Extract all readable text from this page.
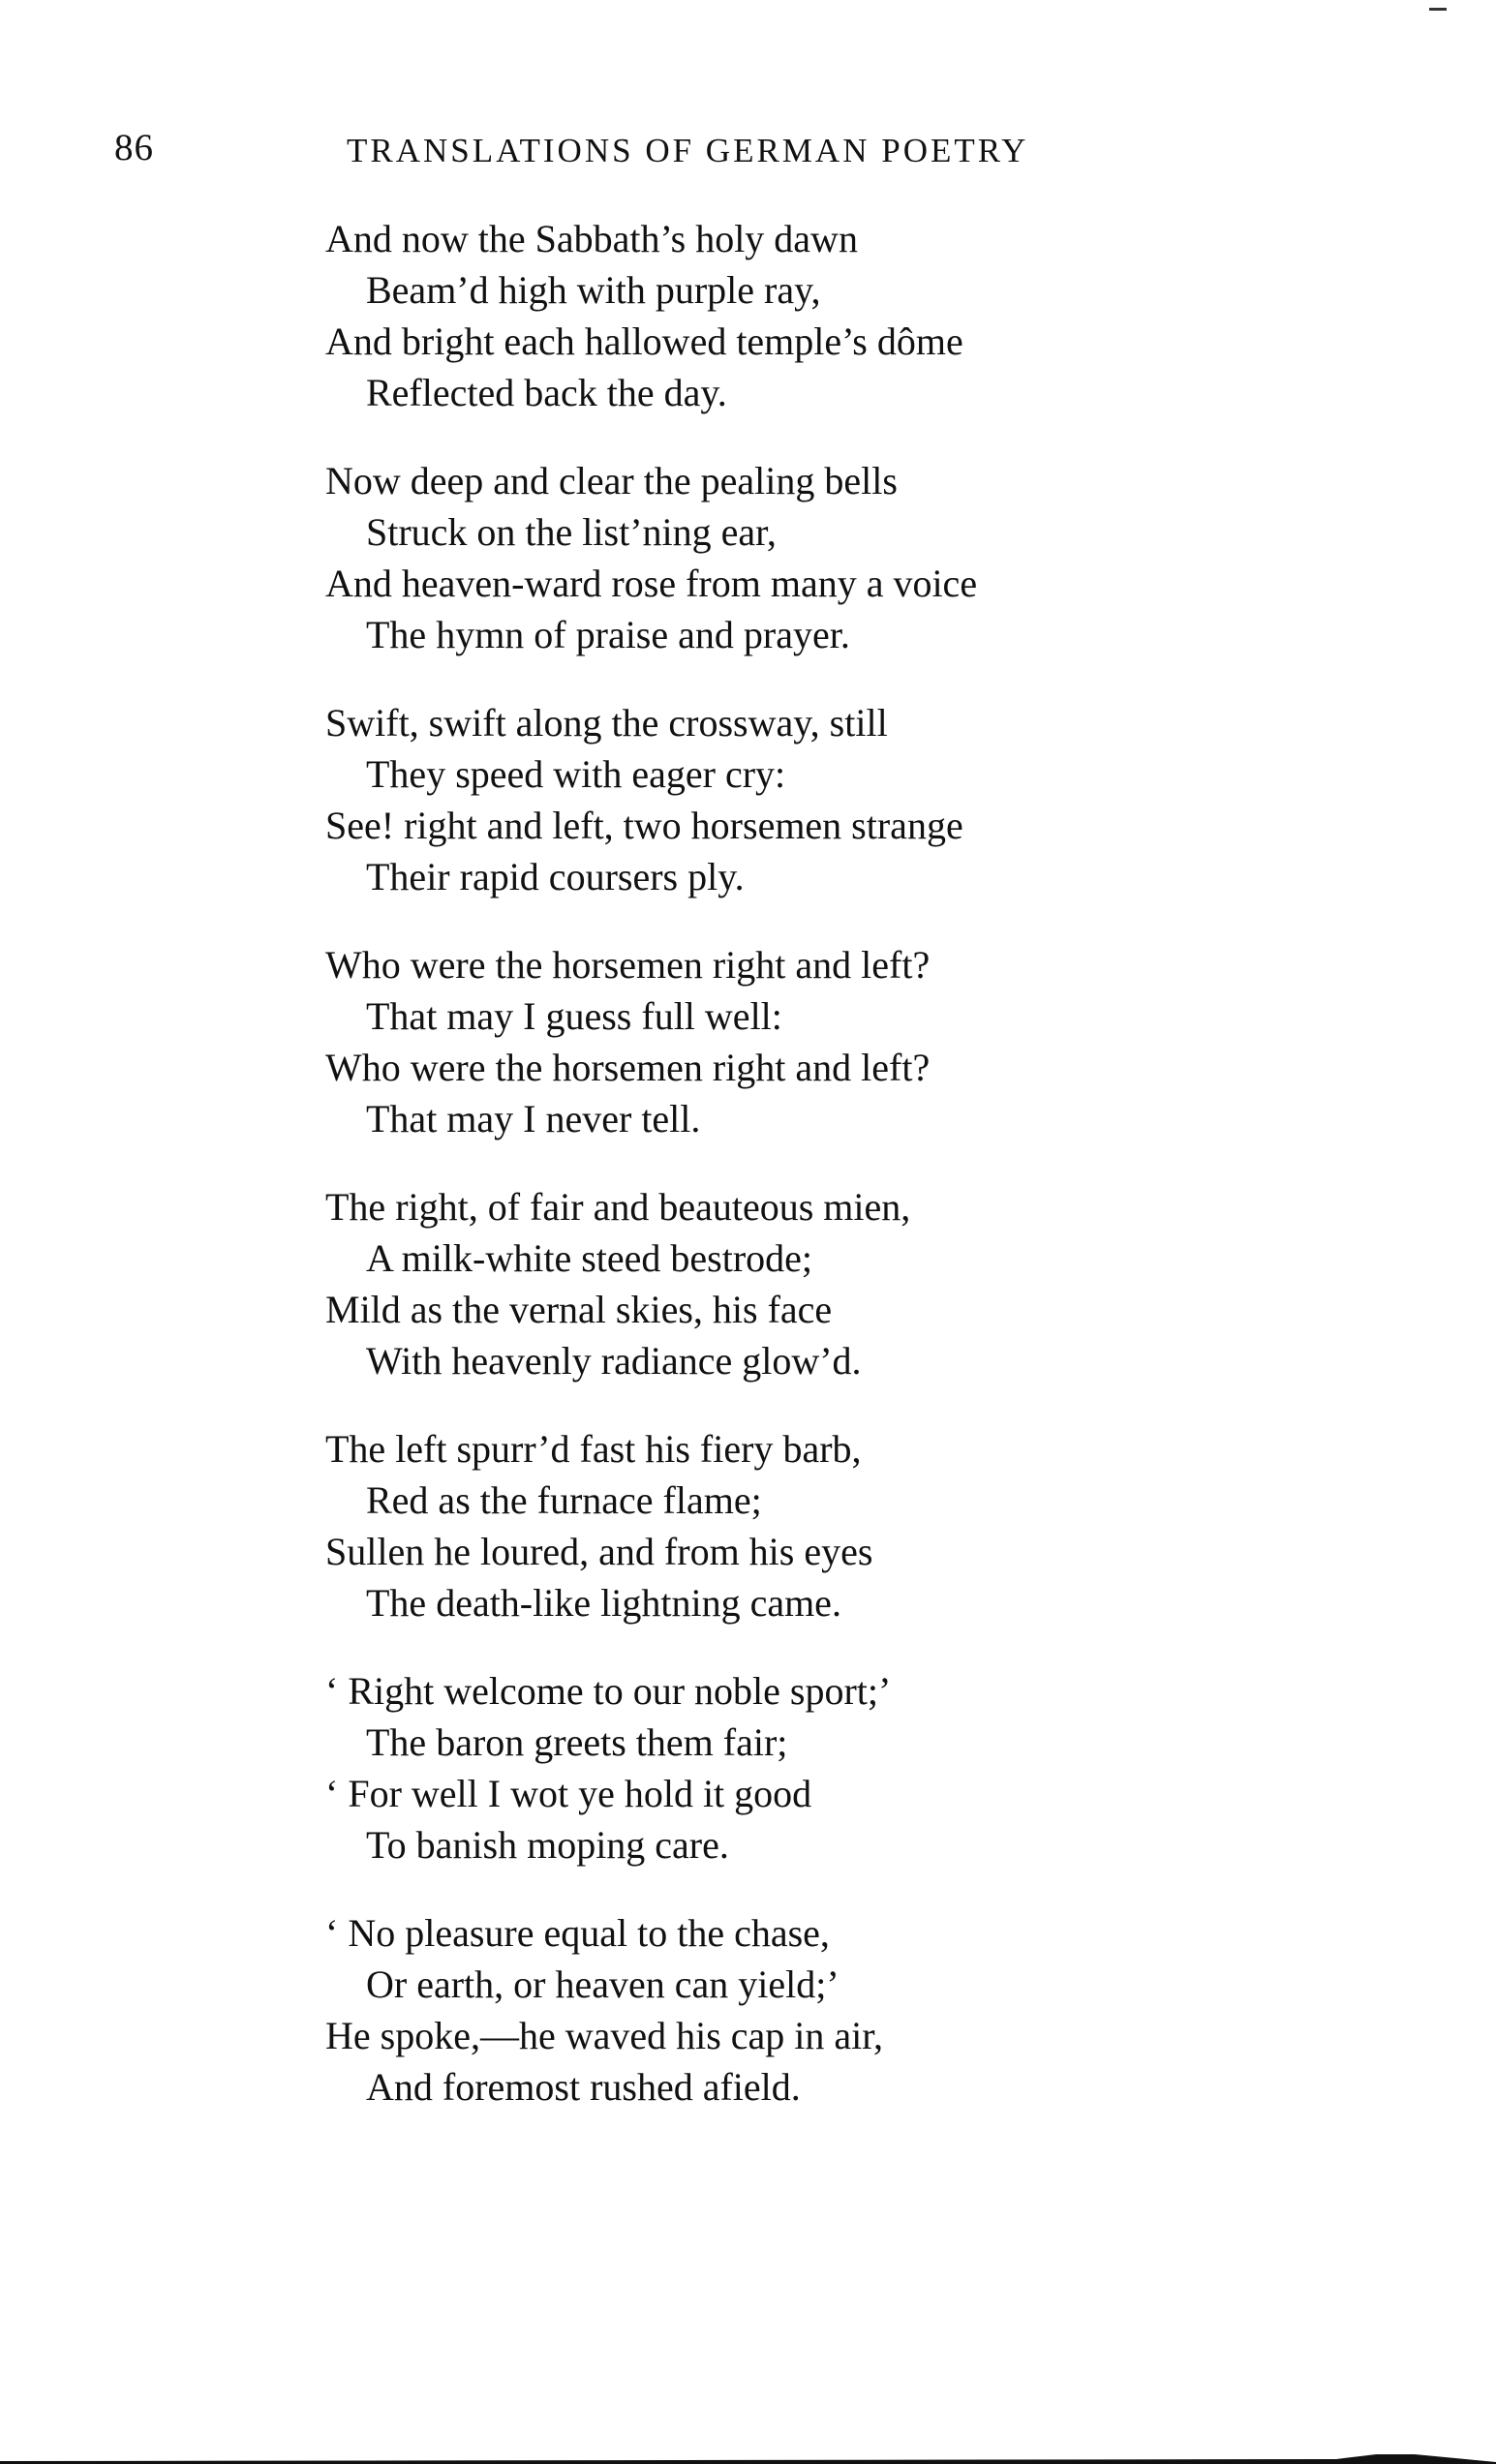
86	TRANSLATIONS OF GERMAN POETRY
And now the Sabbath’s holy dawn
Beam’d high with purple ray,
And bright each hallowed temple’s dôme
Reflected back the day.
Now deep and clear the pealing bells
Struck on the list’ning ear,
And heaven-ward rose from many a voice
The hymn of praise and prayer.
Swift, swift along the crossway, still
They speed with eager cry:
See! right and left, two horsemen strange
Their rapid coursers ply.
Who were the horsemen right and left?
That may I guess full well:
Who were the horsemen right and left?
That may I never tell.
The right, of fair and beauteous mien,
A milk-white steed bestrode;
Mild as the vernal skies, his face
With heavenly radiance glow’d.
The left spurr’d fast his fiery barb,
Red as the furnace flame;
Sullen he loured, and from his eyes
The death-like lightning came.
‘ Right welcome to our noble sport;’
The baron greets them fair;
‘ For well I wot ye hold it good
To banish moping care.
‘ No pleasure equal to the chase,
Or earth, or heaven can yield;’
He spoke,—he waved his cap in air,
And foremost rushed afield.
